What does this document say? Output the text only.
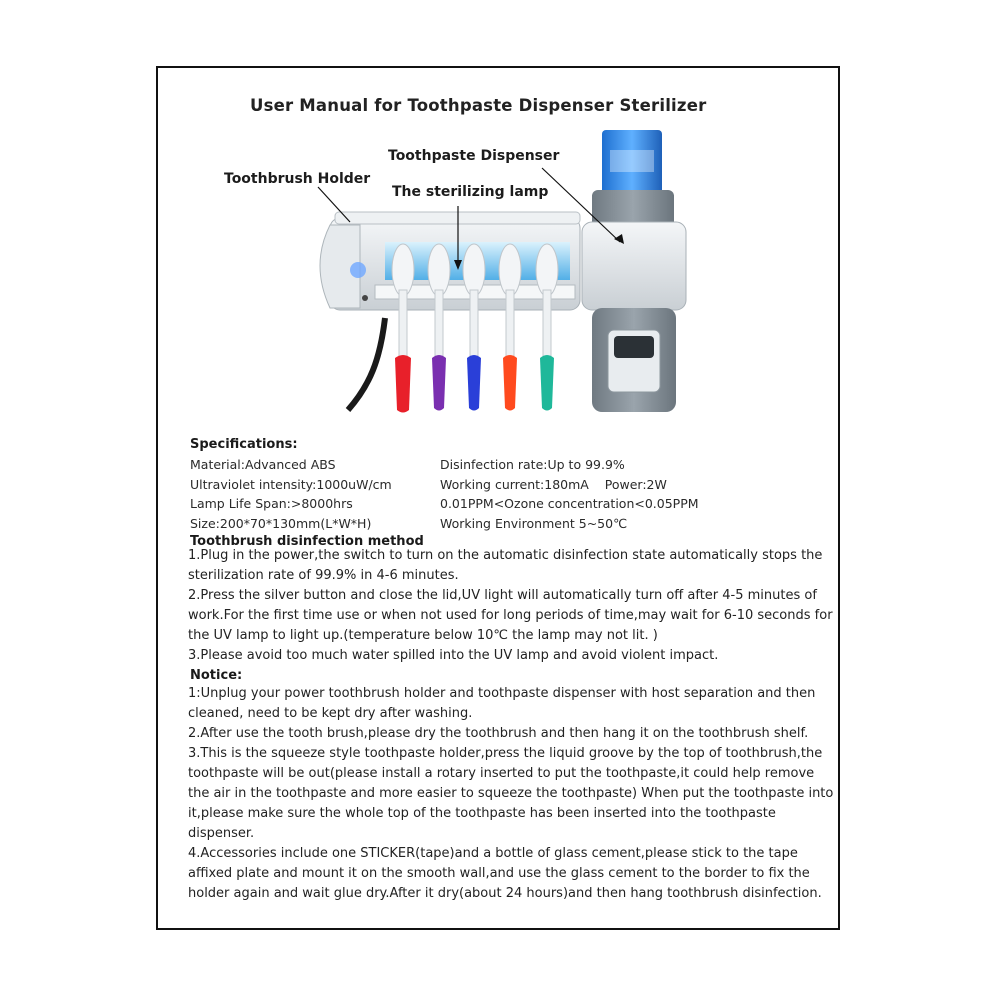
User Manual for Toothpaste Dispenser Sterilizer
Toothpaste Dispenser
Toothbrush Holder
The sterilizing lamp
Specifications:
Material:Advanced ABS
Ultraviolet intensity:1000uW/cm
Lamp Life Span:>8000hrs
Size:200*70*130mm(L*W*H)
Disinfection rate:Up to 99.9%
Working current:180mA    Power:2W
0.01PPM<Ozone concentration<0.05PPM
Working Environment 5~50℃
Toothbrush disinfection method

1.Plug in the power,the switch to turn on the automatic disinfection state automatically stops the sterilization rate of 99.9% in 4-6 minutes.

2.Press the silver button and close the lid,UV light will automatically turn off after 4-5 minutes of work.For the first time use or when not used for long periods of time,may wait for 6-10 seconds for the UV lamp to light up.(temperature below 10℃ the lamp may not lit. )

3.Please avoid too much water spilled into the UV lamp and avoid violent impact.

Notice:

1:Unplug your power toothbrush holder and toothpaste dispenser with host separation and then cleaned, need to be kept dry after washing.

2.After use the tooth brush,please dry the toothbrush and then hang it on the toothbrush shelf.

3.This is the squeeze style toothpaste holder,press the liquid groove by the top of toothbrush,the toothpaste will be out(please install a rotary inserted to put the toothpaste,it could help remove the air in the toothpaste and more easier to squeeze the toothpaste) When put the toothpaste into it,please make sure the whole top of the toothpaste has been inserted into the toothpaste dispenser.

4.Accessories include one STICKER(tape)and a bottle of glass cement,please stick to the tape affixed plate and mount it on the smooth wall,and use the glass cement to the border to fix the holder again and wait glue dry.After it dry(about 24 hours)and then hang toothbrush disinfection.
